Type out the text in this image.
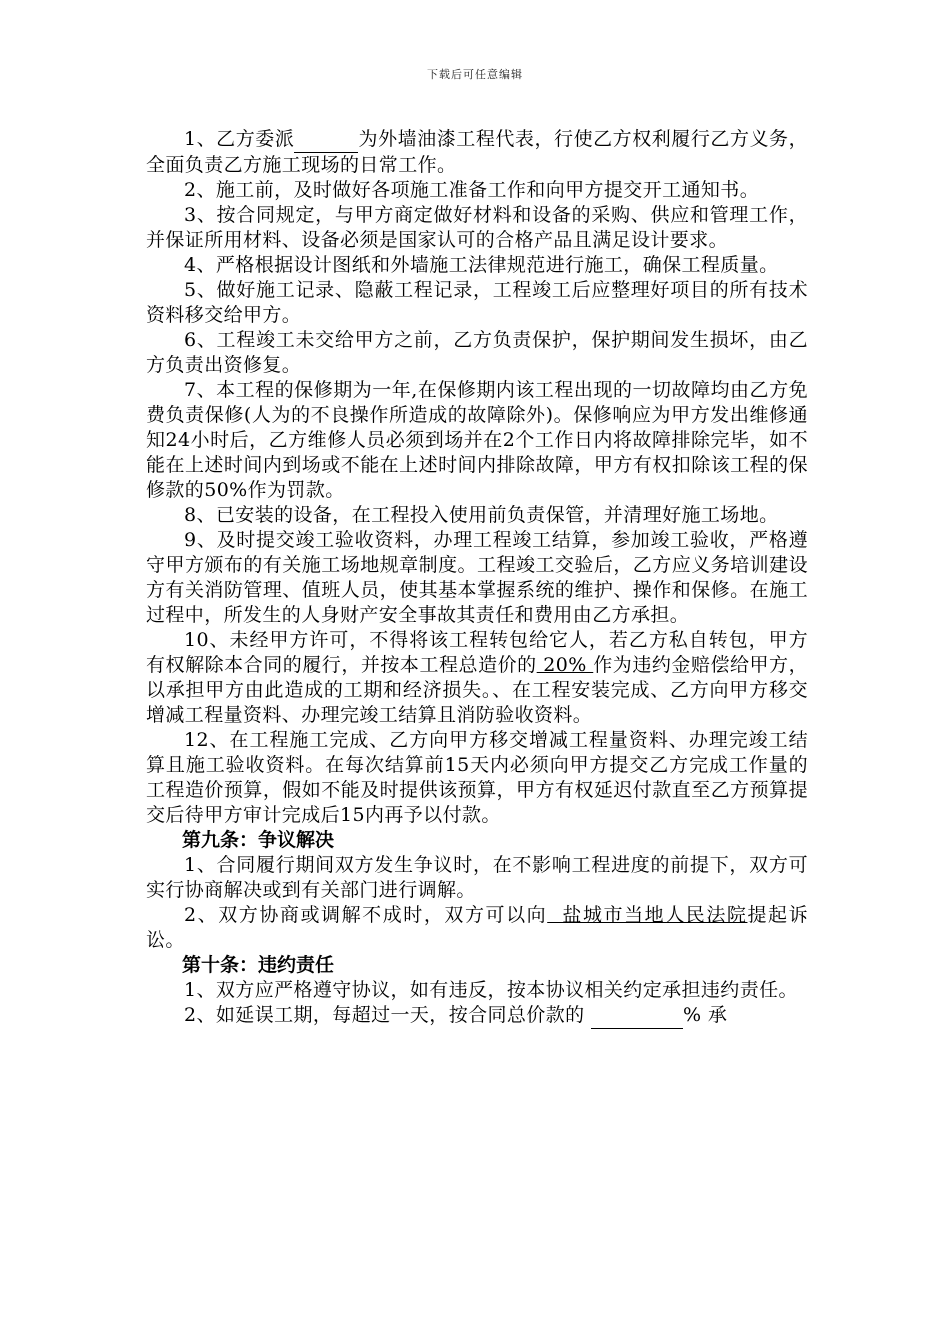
下载后可任意编辑

1、乙方委派	为外墙油漆工程代表，行使乙方权利履行乙方义务，全面负责乙方施工现场的日常工作。

2、施工前，及时做好各项施工准备工作和向甲方提交开工通知书。

3、按合同规定，与甲方商定做好材料和设备的采购、供应和管理工作，并保证所用材料、设备必须是国家认可的合格产品且满足设计要求。

4、严格根据设计图纸和外墙施工法律规范进行施工，确保工程质量。

5、做好施工记录、隐蔽工程记录，工程竣工后应整理好项目的所有技术资料移交给甲方。

6、工程竣工未交给甲方之前，乙方负责保护，保护期间发生损坏，由乙方负责出资修复。

7、本工程的保修期为一年,在保修期内该工程出现的一切故障均由乙方免费负责保修(人为的不良操作所造成的故障除外)。保修响应为甲方发出维修通知24小时后，乙方维修人员必须到场并在2个工作日内将故障排除完毕，如不能在上述时间内到场或不能在上述时间内排除故障，甲方有权扣除该工程的保修款的50%作为罚款。

8、已安装的设备，在工程投入使用前负责保管，并清理好施工场地。

9、及时提交竣工验收资料，办理工程竣工结算，参加竣工验收，严格遵守甲方颁布的有关施工场地规章制度。工程竣工交验后，乙方应义务培训建设方有关消防管理、值班人员，使其基本掌握系统的维护、操作和保修。在施工过程中，所发生的人身财产安全事故其责任和费用由乙方承担。

10、未经甲方许可，不得将该工程转包给它人，若乙方私自转包，甲方有权解除本合同的履行，并按本工程总造价的 20% 作为违约金赔偿给甲方，以承担甲方由此造成的工期和经济损失。、在工程安装完成、乙方向甲方移交增减工程量资料、办理完竣工结算且消防验收资料。

12、在工程施工完成、乙方向甲方移交增减工程量资料、办理完竣工结算且施工验收资料。在每次结算前15天内必须向甲方提交乙方完成工作量的工程造价预算，假如不能及时提供该预算，甲方有权延迟付款直至乙方预算提交后待甲方审计完成后15内再予以付款。

第九条：争议解决

1、合同履行期间双方发生争议时，在不影响工程进度的前提下，双方可实行协商解决或到有关部门进行调解。

2、双方协商或调解不成时，双方可以向  盐城市当地人民法院提起诉讼。

第十条：违约责任

1、双方应严格遵守协议，如有违反，按本协议相关约定承担违约责任。

2、如延误工期，每超过一天，按合同总价款的	% 承
